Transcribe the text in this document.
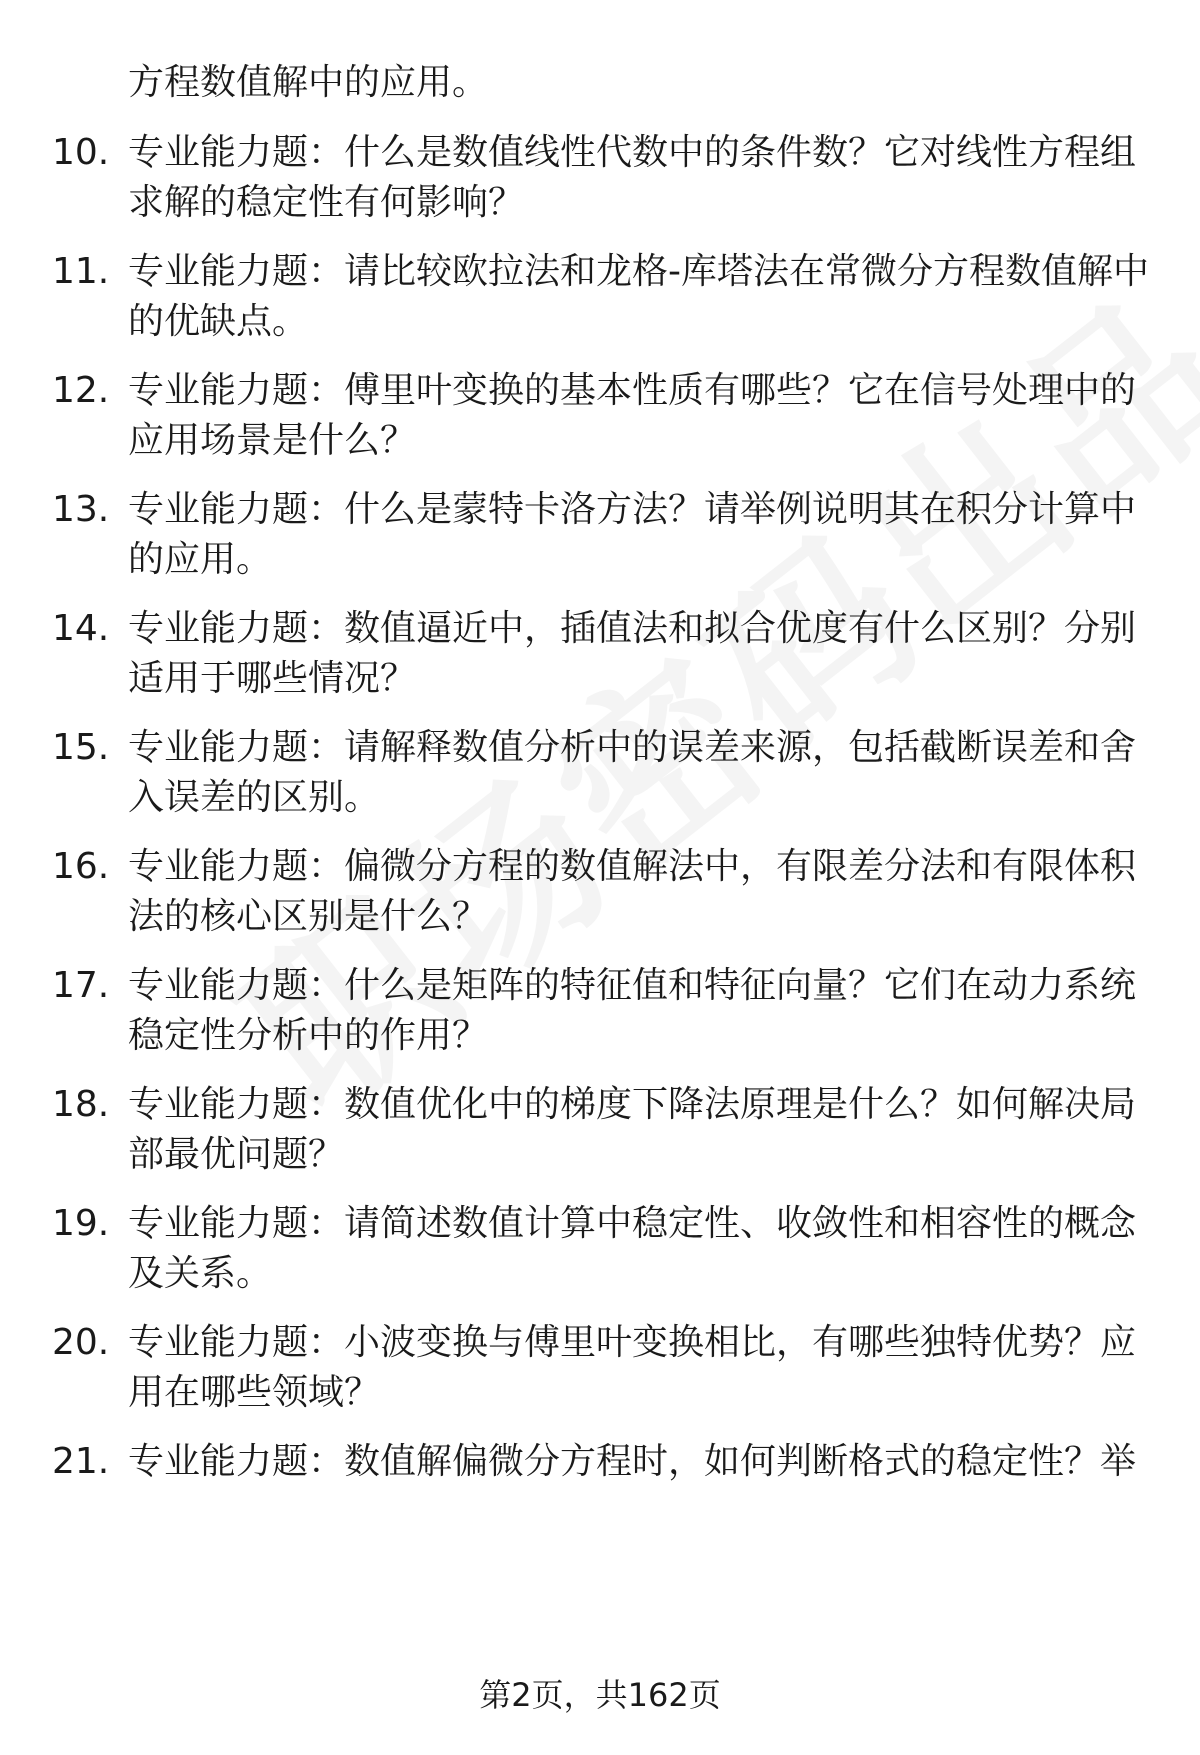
方程数值解中的应用。

10. 专业能力题：什么是数值线性代数中的条件数？它对线性方程组
求解的稳定性有何影响？
11. 专业能力题：请比较欧拉法和龙格-库塔法在常微分方程数值解中
的优缺点。
12. 专业能力题：傅里叶变换的基本性质有哪些？它在信号处理中的
应用场景是什么？
13. 专业能力题：什么是蒙特卡洛方法？请举例说明其在积分计算中
的应用。
14. 专业能力题：数值逼近中，插值法和拟合优度有什么区别？分别
适用于哪些情况？
15. 专业能力题：请解释数值分析中的误差来源，包括截断误差和舍
入误差的区别。
16. 专业能力题：偏微分方程的数值解法中，有限差分法和有限体积
法的核心区别是什么？
17. 专业能力题：什么是矩阵的特征值和特征向量？它们在动力系统
稳定性分析中的作用？
18. 专业能力题：数值优化中的梯度下降法原理是什么？如何解决局
部最优问题？
19. 专业能力题：请简述数值计算中稳定性、收敛性和相容性的概念
及关系。
20. 专业能力题：小波变换与傅里叶变换相比，有哪些独特优势？应
用在哪些领域？
21. 专业能力题：数值解偏微分方程时，如何判断格式的稳定性？举
第2页，共162页
